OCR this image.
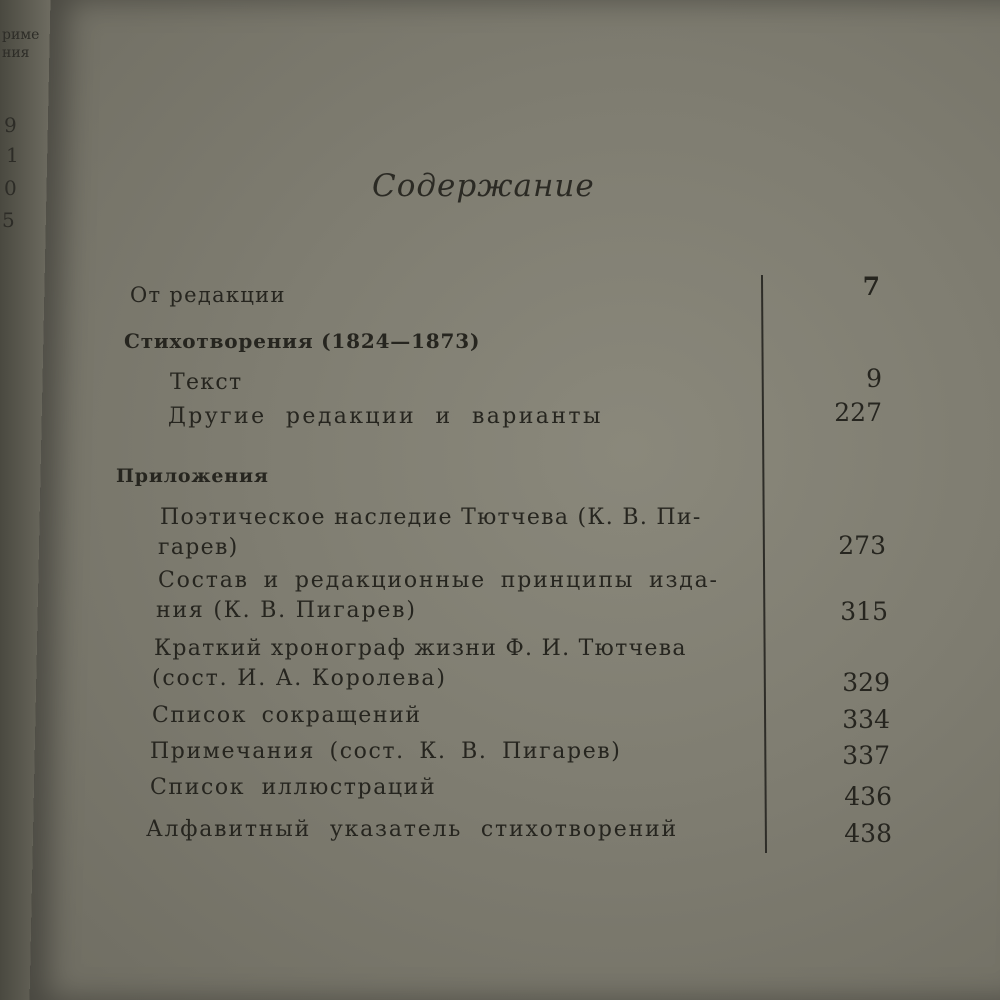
риме
ния
9
1
0
5
Содержание
От редакции	7
Стихотворения (1824—1873)
Текст	9
Другие редакции и варианты	227
Приложения
Поэтическое наследие Тютчева (К. В. Пи-
гарев)	273
Состав и редакционные принципы изда-
ния (К. В. Пигарев)	315
Краткий хронограф жизни Ф. И. Тютчева
(сост. И. А. Королева)	329
Список сокращений	334
Примечания (сост. К. В. Пигарев)	337
Список иллюстраций	436
Алфавитный указатель стихотворений	438
